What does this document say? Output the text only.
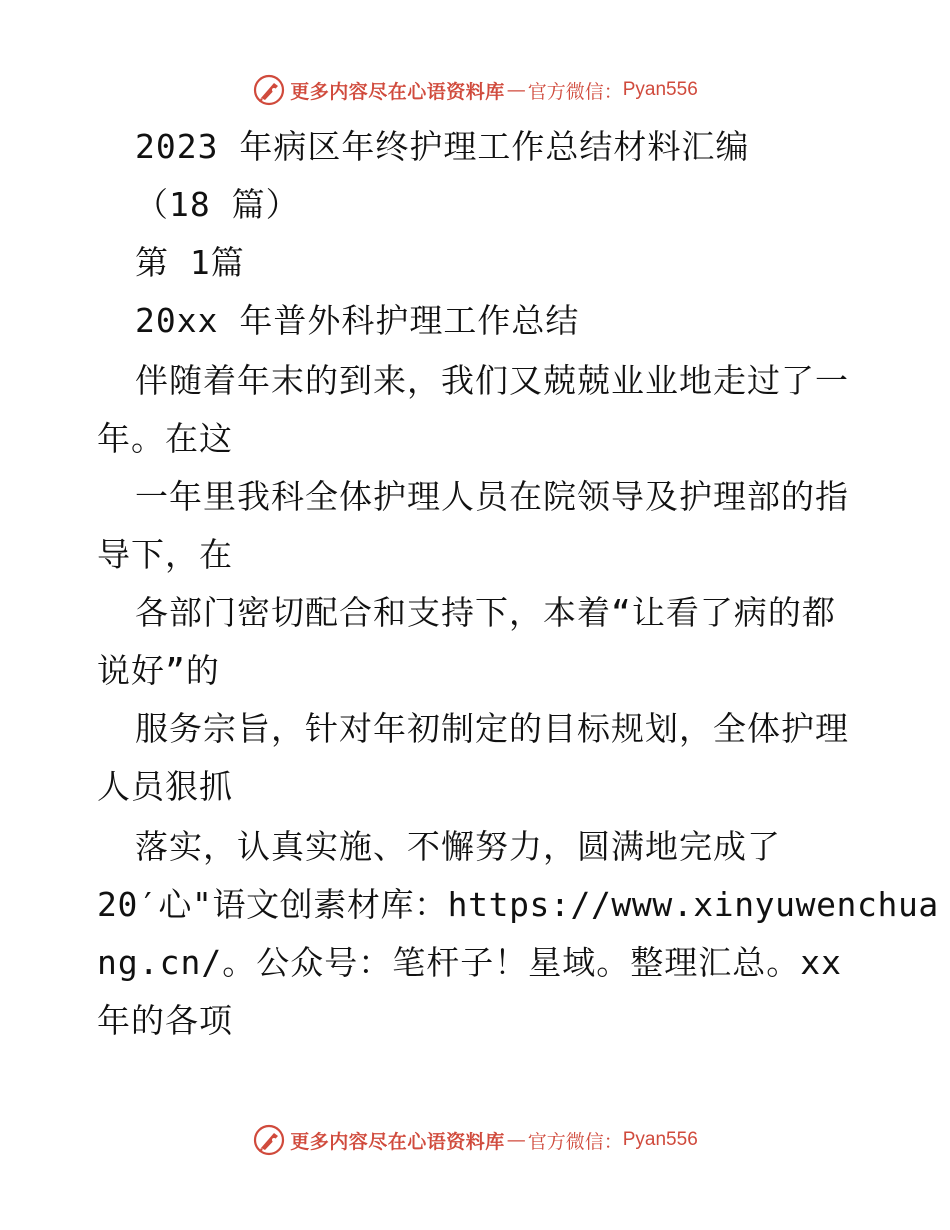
更多内容尽在心语资料库 — 官方微信： Pyan556
2023 年病区年终护理工作总结材料汇编
（18 篇）
第 1篇
20xx 年普外科护理工作总结
伴随着年末的到来，我们又兢兢业业地走过了一
年。在这
一年里我科全体护理人员在院领导及护理部的指
导下，在
各部门密切配合和支持下，本着“让看了病的都
说好”的
服务宗旨，针对年初制定的目标规划，全体护理
人员狠抓
落实，认真实施、不懈努力，圆满地完成了
20′心"语文创素材库：https://www.xinyuwenchua
ng.cn/。公众号：笔杆子！星域。整理汇总。xx
年的各项
更多内容尽在心语资料库 — 官方微信： Pyan556
